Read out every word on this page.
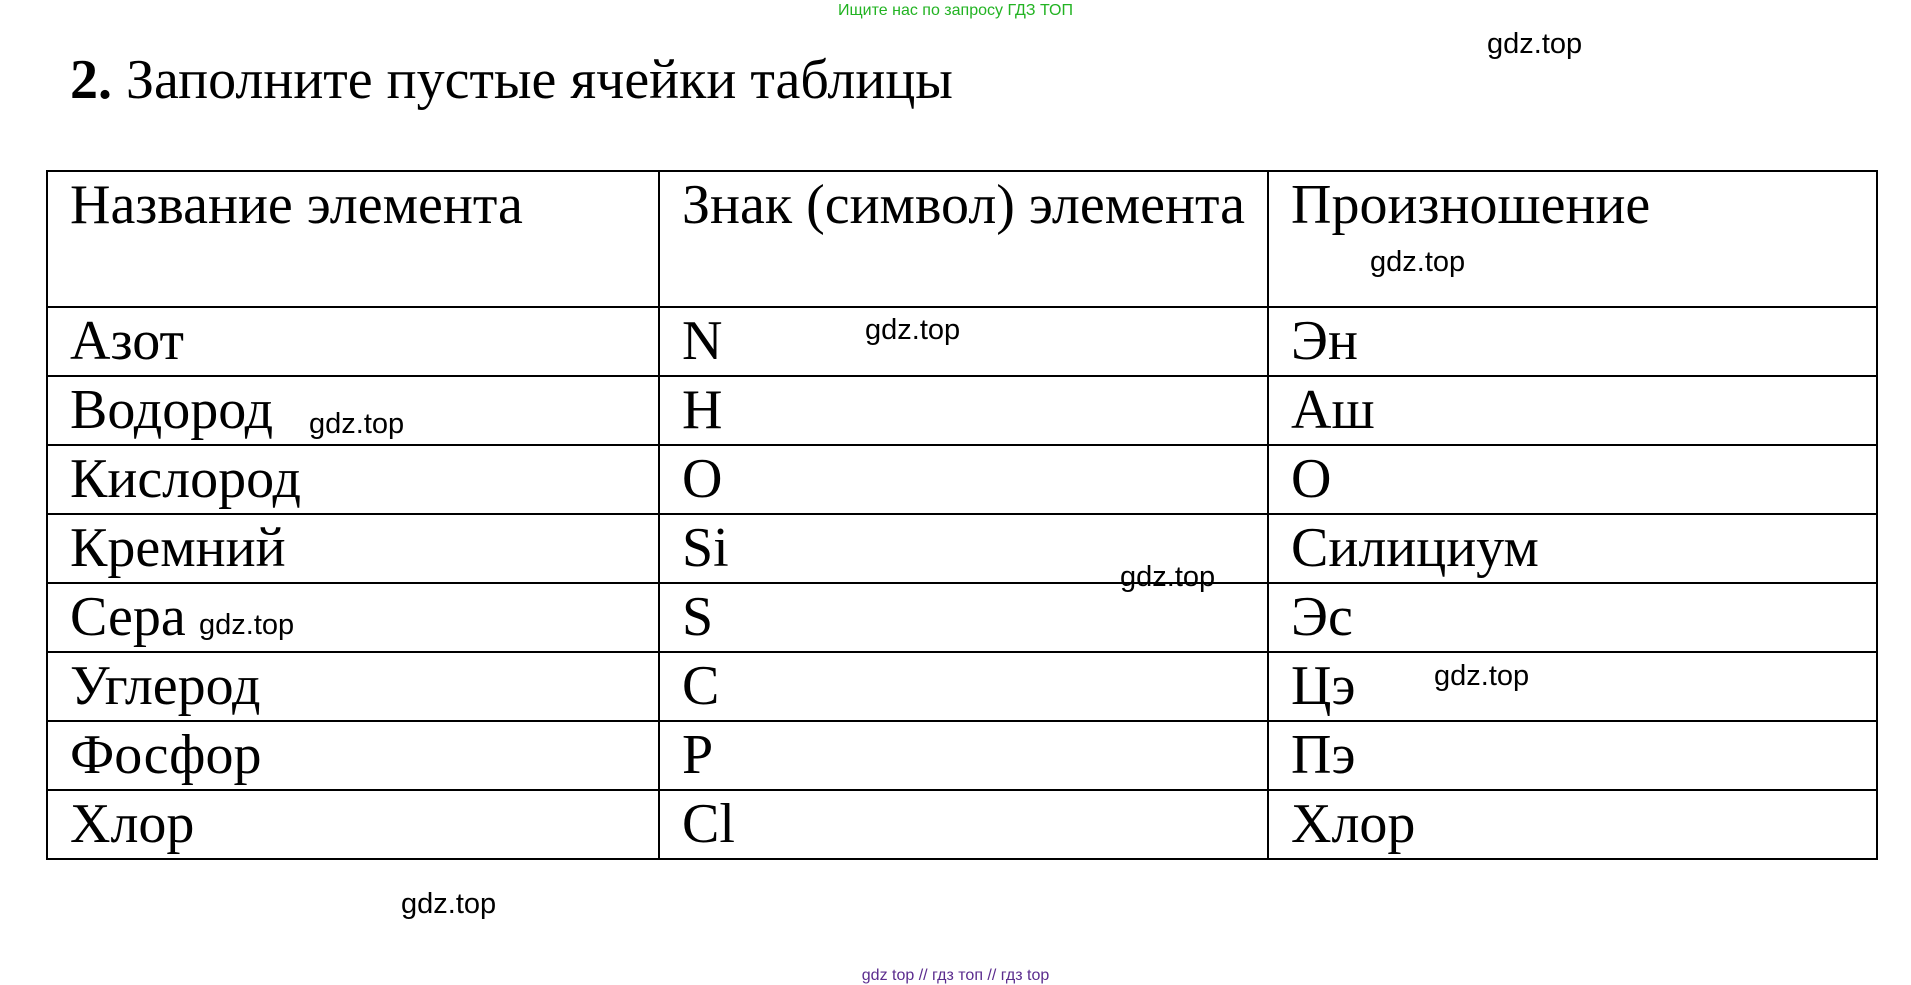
Ищите нас по запросу ГДЗ ТОП
2. Заполните пустые ячейки таблицы
Название элемента	Знак (символ) элемента	Произношение
Азот	N	Эн
Водород	H	Аш
Кислород	O	O
Кремний	Si	Силициум
Сера	S	Эс
Углерод	C	Цэ
Фосфор	P	Пэ
Хлор	Cl	Хлор
gdz.top
gdz.top
gdz.top
gdz.top
gdz.top
gdz.top
gdz.top
gdz.top
gdz top // гдз топ // гдз top
